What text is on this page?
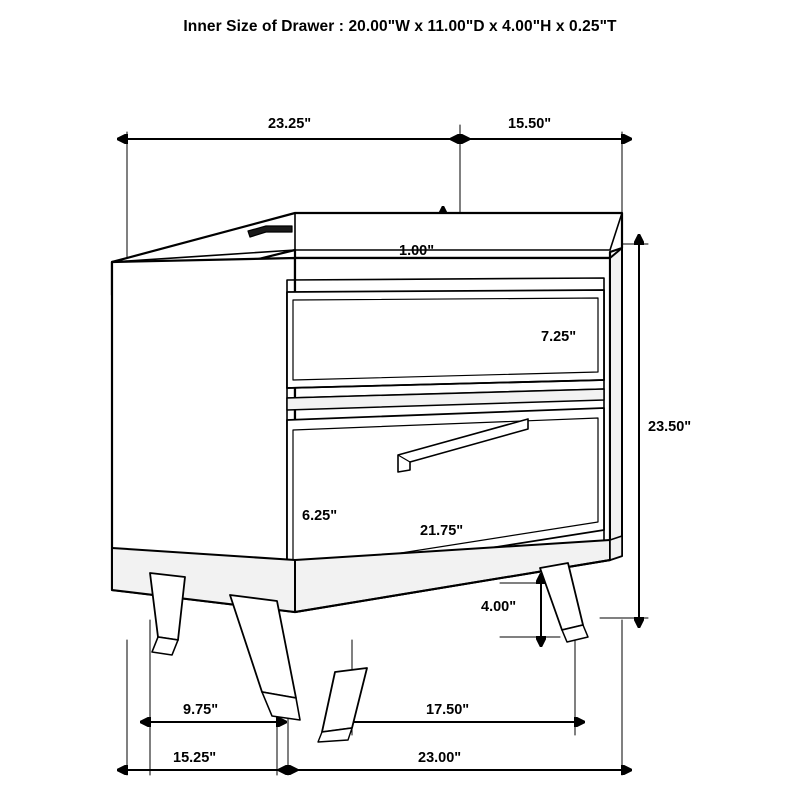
Inner Size of Drawer : 20.00"W x 11.00"D x 4.00"H x 0.25"T
23.25"	15.50"
1.00"
7.25"
23.50"
6.25"
21.75"
4.00"
9.75"	17.50"
15.25"	23.00"
